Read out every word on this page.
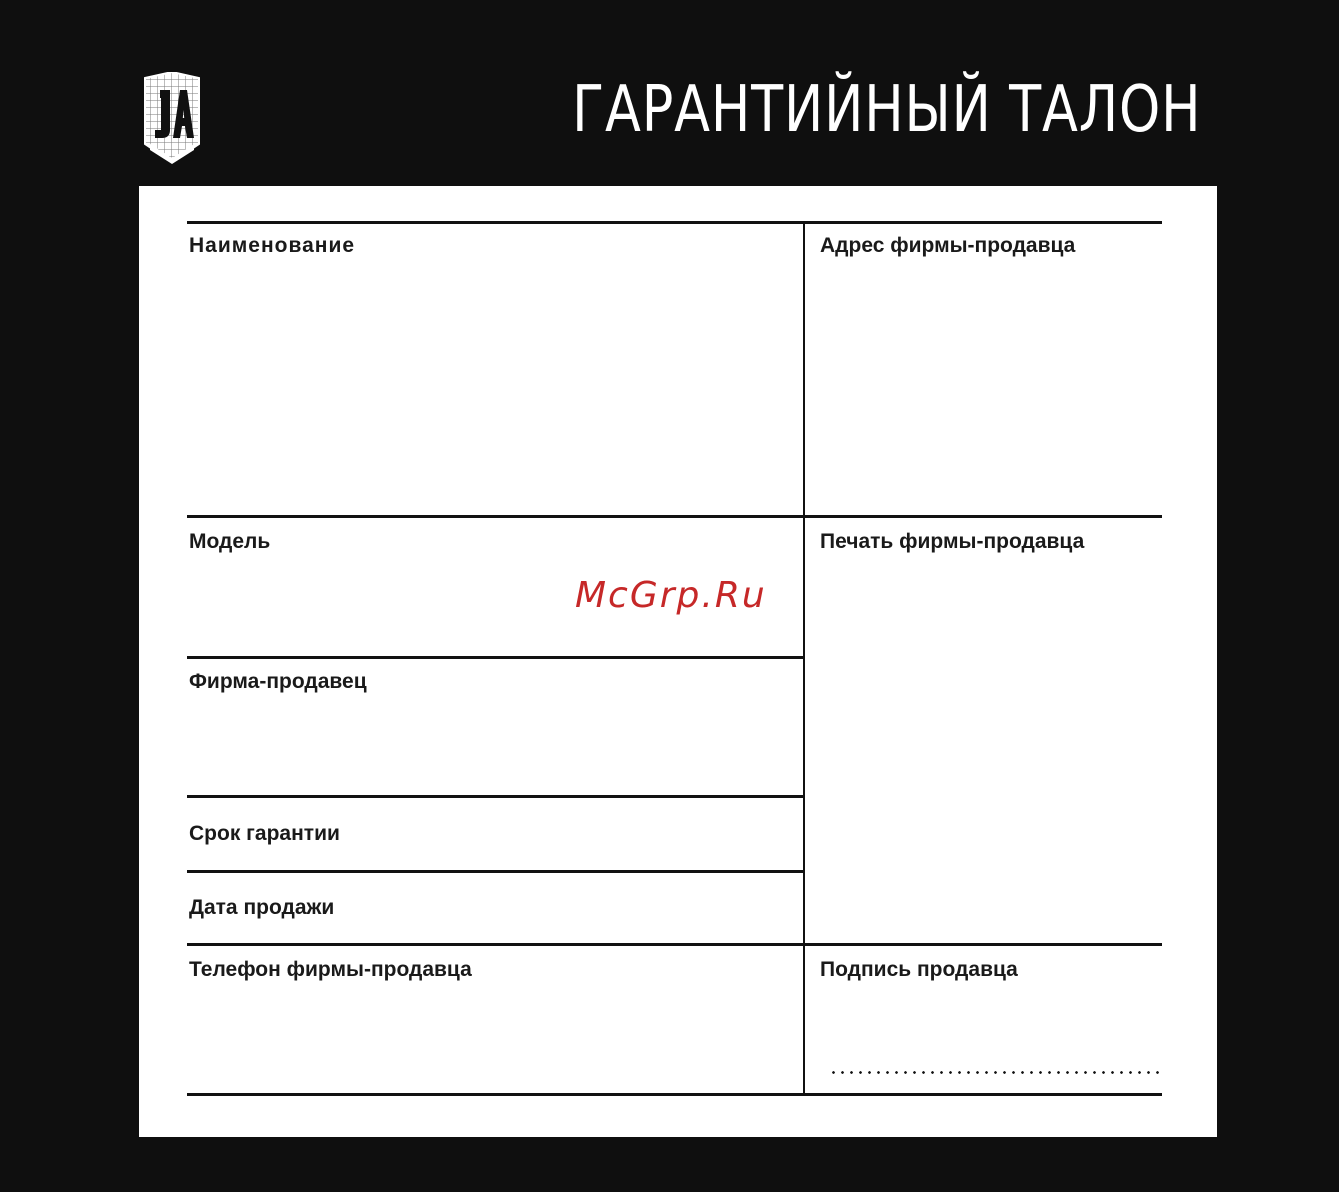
ГАРАНТИЙНЫЙ ТАЛОН

Наименование	Адрес фирмы-продавца

Модель	Печать фирмы-продавца

Фирма-продавец

Срок гарантии

Дата продажи

Телефон фирмы-продавца	Подпись продавца

McGrp.Ru
